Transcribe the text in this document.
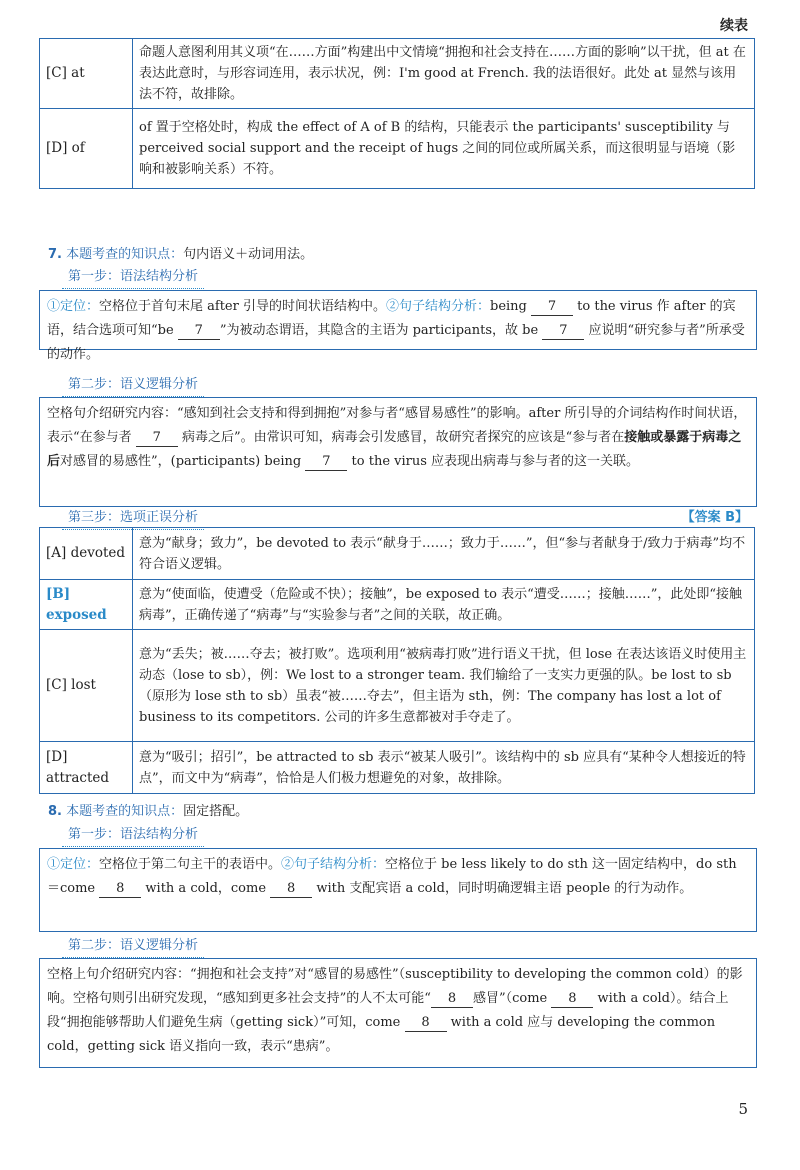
续表
[C] at	命题人意图利用其义项“在……方面”构建出中文情境“拥抱和社会支持在……方面的影响”以干扰，但 at 在表达此意时，与形容词连用，表示状况，例：I'm good at French. 我的法语很好。此处 at 显然与该用法不符，故排除。
[D] of	of 置于空格处时，构成 the effect of A of B 的结构，只能表示 the participants' susceptibility 与 perceived social support and the receipt of hugs 之间的同位或所属关系，而这很明显与语境（影响和被影响关系）不符。
7. 本题考查的知识点：句内语义＋动词用法。
第一步：语法结构分析
①定位：空格位于首句末尾 after 引导的时间状语结构中。②句子结构分析：being 7 to the virus 作 after 的宾语，结合选项可知“be 7 ”为被动态谓语，其隐含的主语为 participants，故 be 7 应说明“研究参与者”所承受的动作。
第二步：语义逻辑分析
空格句介绍研究内容：“感知到社会支持和得到拥抱”对参与者“感冒易感性”的影响。after 所引导的介词结构作时间状语，表示“在参与者 7 病毒之后”。由常识可知，病毒会引发感冒，故研究者探究的应该是“参与者在接触或暴露于病毒之后对感冒的易感性”，(participants) being 7 to the virus 应表现出病毒与参与者的这一关联。
第三步：选项正误分析	【答案 B】
[A] devoted	意为“献身；致力”，be devoted to 表示“献身于……；致力于……”，但“参与者献身于/致力于病毒”均不符合语义逻辑。
[B] exposed	意为“使面临，使遭受（危险或不快）；接触”，be exposed to 表示“遭受……；接触……”，此处即“接触病毒”，正确传递了“病毒”与“实验参与者”之间的关联，故正确。
[C] lost	意为“丢失；被……夺去；被打败”。选项利用“被病毒打败”进行语义干扰，但 lose 在表达该语义时使用主动态（lose to sb），例：We lost to a stronger team. 我们输给了一支实力更强的队。be lost to sb（原形为 lose sth to sb）虽表“被……夺去”，但主语为 sth，例：The company has lost a lot of business to its competitors. 公司的许多生意都被对手夺走了。
[D] attracted	意为“吸引；招引”，be attracted to sb 表示“被某人吸引”。该结构中的 sb 应具有“某种令人想接近的特点”，而文中为“病毒”，恰恰是人们极力想避免的对象，故排除。
8. 本题考查的知识点：固定搭配。
第一步：语法结构分析
①定位：空格位于第二句主干的表语中。②句子结构分析：空格位于 be less likely to do sth 这一固定结构中，do sth＝come 8 with a cold，come 8 with 支配宾语 a cold，同时明确逻辑主语 people 的行为动作。
第二步：语义逻辑分析
空格上句介绍研究内容：“拥抱和社会支持”对“感冒的易感性”（susceptibility to developing the common cold）的影响。空格句则引出研究发现，“感知到更多社会支持”的人不太可能“ 8 感冒”（come 8 with a cold）。结合上段“拥抱能够帮助人们避免生病（getting sick）”可知，come 8 with a cold 应与 developing the common cold，getting sick 语义指向一致，表示“患病”。
5
